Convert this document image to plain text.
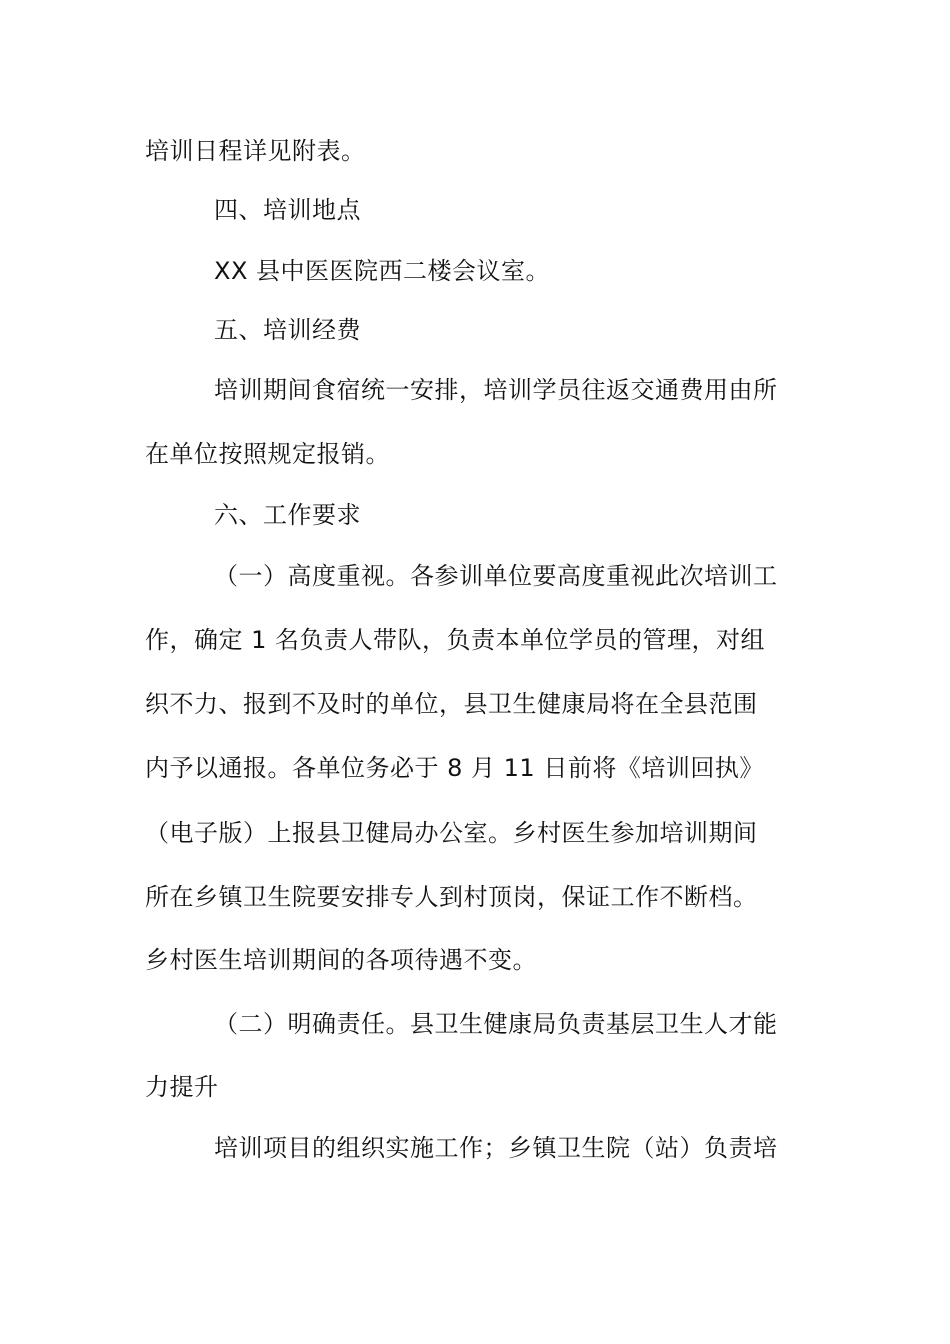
培训日程详见附表。
四、培训地点
XX 县中医医院西二楼会议室。
五、培训经费
培训期间食宿统一安排，培训学员往返交通费用由所
在单位按照规定报销。
六、工作要求
（一）高度重视。各参训单位要高度重视此次培训工
作，确定 1 名负责人带队，负责本单位学员的管理，对组
织不力、报到不及时的单位，县卫生健康局将在全县范围
内予以通报。各单位务必于 8 月 11 日前将《培训回执》
（电子版）上报县卫健局办公室。乡村医生参加培训期间
所在乡镇卫生院要安排专人到村顶岗，保证工作不断档。
乡村医生培训期间的各项待遇不变。
（二）明确责任。县卫生健康局负责基层卫生人才能
力提升
培训项目的组织实施工作；乡镇卫生院（站）负责培
